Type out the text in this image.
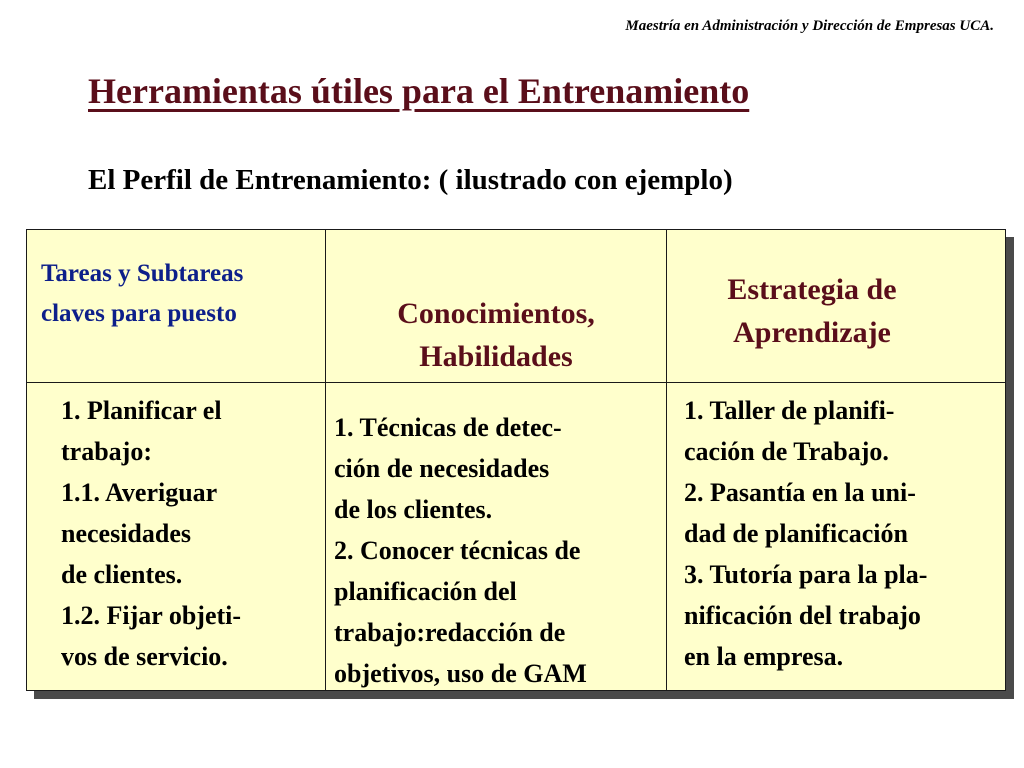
Maestría en Administración y Dirección de Empresas UCA.
Herramientas útiles para el Entrenamiento
El Perfil de Entrenamiento: ( ilustrado con ejemplo)
Tareas y Subtareas
claves para puesto	Conocimientos,
Habilidades
Estrategia de
Aprendizaje
1. Planificar el
trabajo:
1.1. Averiguar
necesidades
de clientes.
1.2. Fijar objeti-
vos de servicio.
1. Técnicas de detec-
ción de necesidades
de los clientes.
2. Conocer técnicas de
planificación del
trabajo:redacción de
objetivos, uso de GAM
1. Taller de planifi-
cación de Trabajo.
2. Pasantía en la uni-
dad de planificación
3. Tutoría para la pla-
nificación del trabajo
en la empresa.
